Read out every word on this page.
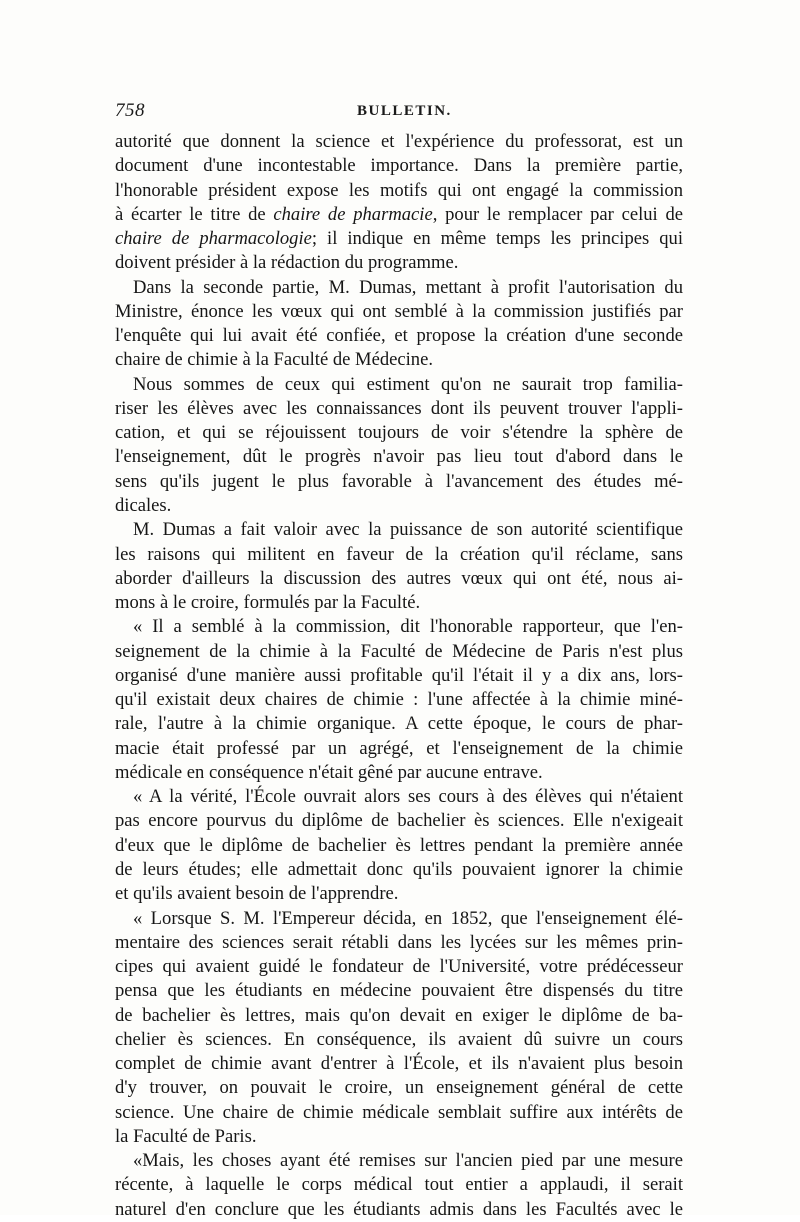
758	BULLETIN.
autorité que donnent la science et l'expérience du professorat, est un
document d'une incontestable importance. Dans la première partie,
l'honorable président expose les motifs qui ont engagé la commission
à écarter le titre de chaire de pharmacie, pour le remplacer par celui de
chaire de pharmacologie; il indique en même temps les principes qui
doivent présider à la rédaction du programme.
Dans la seconde partie, M. Dumas, mettant à profit l'autorisation du
Ministre, énonce les vœux qui ont semblé à la commission justifiés par
l'enquête qui lui avait été confiée, et propose la création d'une seconde
chaire de chimie à la Faculté de Médecine.
Nous sommes de ceux qui estiment qu'on ne saurait trop familia-
riser les élèves avec les connaissances dont ils peuvent trouver l'appli-
cation, et qui se réjouissent toujours de voir s'étendre la sphère de
l'enseignement, dût le progrès n'avoir pas lieu tout d'abord dans le
sens qu'ils jugent le plus favorable à l'avancement des études mé-
dicales.
M. Dumas a fait valoir avec la puissance de son autorité scientifique
les raisons qui militent en faveur de la création qu'il réclame, sans
aborder d'ailleurs la discussion des autres vœux qui ont été, nous ai-
mons à le croire, formulés par la Faculté.
« Il a semblé à la commission, dit l'honorable rapporteur, que l'en-
seignement de la chimie à la Faculté de Médecine de Paris n'est plus
organisé d'une manière aussi profitable qu'il l'était il y a dix ans, lors-
qu'il existait deux chaires de chimie : l'une affectée à la chimie miné-
rale, l'autre à la chimie organique. A cette époque, le cours de phar-
macie était professé par un agrégé, et l'enseignement de la chimie
médicale en conséquence n'était gêné par aucune entrave.
« A la vérité, l'École ouvrait alors ses cours à des élèves qui n'étaient
pas encore pourvus du diplôme de bachelier ès sciences. Elle n'exigeait
d'eux que le diplôme de bachelier ès lettres pendant la première année
de leurs études; elle admettait donc qu'ils pouvaient ignorer la chimie
et qu'ils avaient besoin de l'apprendre.
« Lorsque S. M. l'Empereur décida, en 1852, que l'enseignement élé-
mentaire des sciences serait rétabli dans les lycées sur les mêmes prin-
cipes qui avaient guidé le fondateur de l'Université, votre prédécesseur
pensa que les étudiants en médecine pouvaient être dispensés du titre
de bachelier ès lettres, mais qu'on devait en exiger le diplôme de ba-
chelier ès sciences. En conséquence, ils avaient dû suivre un cours
complet de chimie avant d'entrer à l'École, et ils n'avaient plus besoin
d'y trouver, on pouvait le croire, un enseignement général de cette
science. Une chaire de chimie médicale semblait suffire aux intérêts de
la Faculté de Paris.
«Mais, les choses ayant été remises sur l'ancien pied par une mesure
récente, à laquelle le corps médical tout entier a applaudi, il serait
naturel d'en conclure que les étudiants admis dans les Facultés avec le
